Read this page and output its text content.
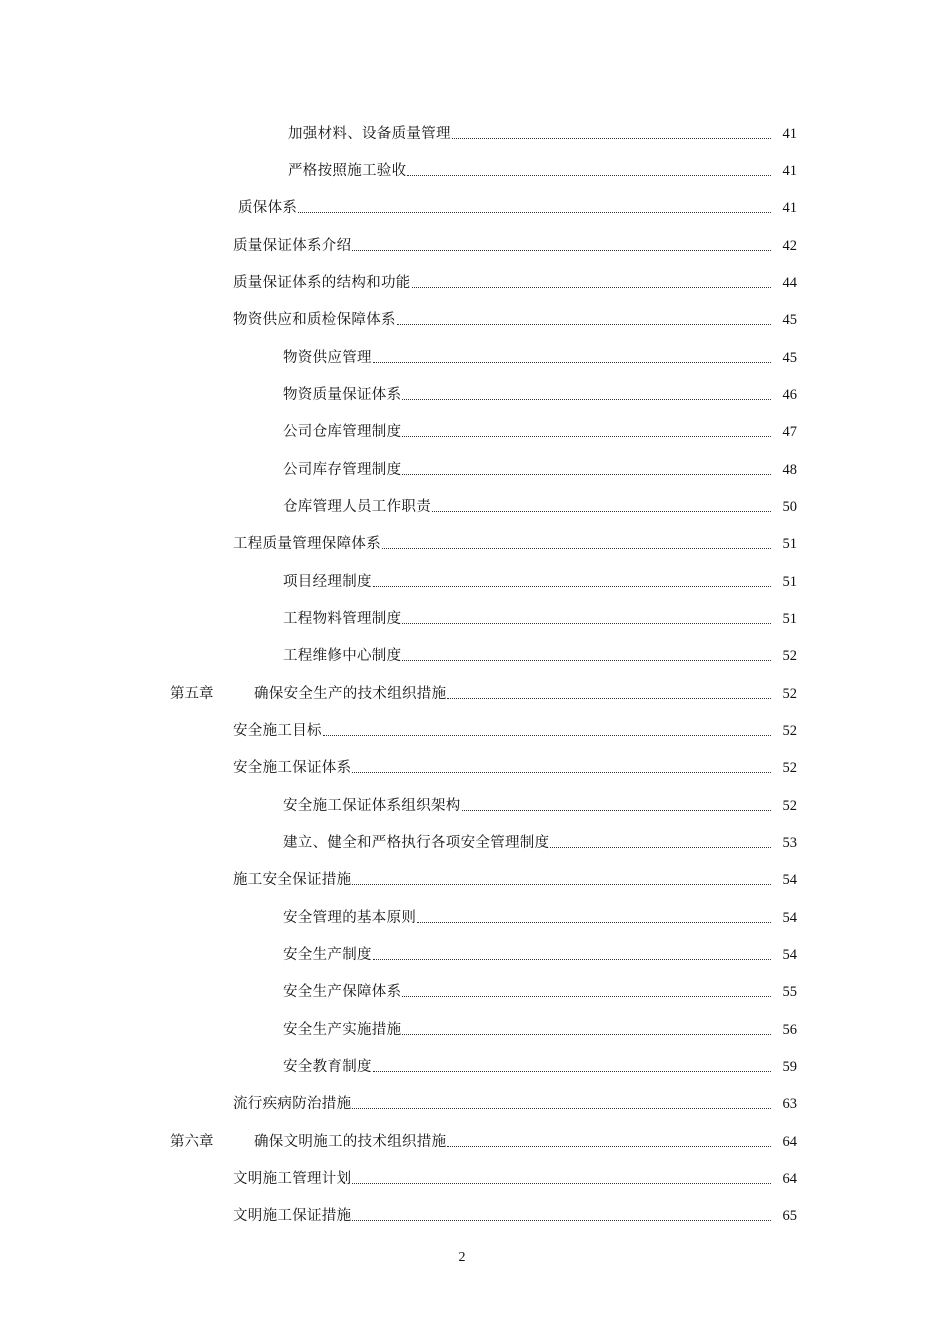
加强材料、设备质量管理	41
严格按照施工验收	41
质保体系	41
质量保证体系介绍	42
质量保证体系的结构和功能	44
物资供应和质检保障体系	45
物资供应管理	45
物资质量保证体系	46
公司仓库管理制度	47
公司库存管理制度	48
仓库管理人员工作职责	50
工程质量管理保障体系	51
项目经理制度	51
工程物料管理制度	51
工程维修中心制度	52
第五章	确保安全生产的技术组织措施	52
安全施工目标	52
安全施工保证体系	52
安全施工保证体系组织架构	52
建立、健全和严格执行各项安全管理制度	53
施工安全保证措施	54
安全管理的基本原则	54
安全生产制度	54
安全生产保障体系	55
安全生产实施措施	56
安全教育制度	59
流行疾病防治措施	63
第六章	确保文明施工的技术组织措施	64
文明施工管理计划	64
文明施工保证措施	65
2
